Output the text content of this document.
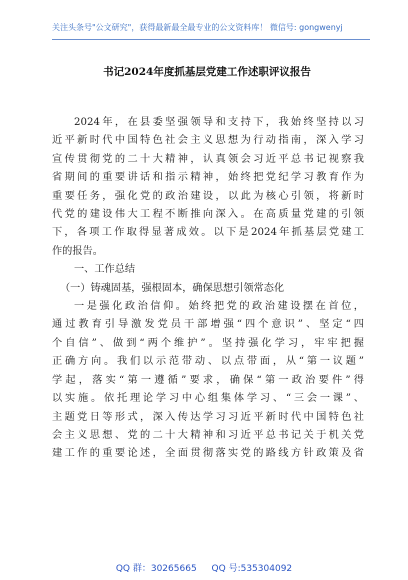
关注头条号"公文研究"，获得最新最全最专业的公文资料库！ 微信号: gongwenyj
书记2024年度抓基层党建工作述职评议报告
2024年，在县委坚强领导和支持下，我始终坚持以习
近平新时代中国特色社会主义思想为行动指南，深入学习
宣传贯彻党的二十大精神，认真领会习近平总书记视察我
省期间的重要讲话和指示精神，始终把党纪学习教育作为
重要任务，强化党的政治建设，以此为核心引领，将新时
代党的建设伟大工程不断推向深入。在高质量党建的引领
下，各项工作取得显著成效。以下是2024年抓基层党建工
作的报告。
一、工作总结
（一）铸魂固基，强根固本，确保思想引领常态化
一是强化政治信仰。始终把党的政治建设摆在首位，
通过教育引导激发党员干部增强“四个意识”、坚定“四
个自信”、做到“两个维护”。坚持强化学习，牢牢把握
正确方向。我们以示范带动、以点带面，从“第一议题”
学起，落实“第一遵循”要求，确保“第一政治要件”得
以实施。依托理论学习中心组集体学习、“三会一课”、
主题党日等形式，深入传达学习习近平新时代中国特色社
会主义思想、党的二十大精神和习近平总书记关于机关党
建工作的重要论述，全面贯彻落实党的路线方针政策及省
QQ 群：30265665 QQ 号:535304092
